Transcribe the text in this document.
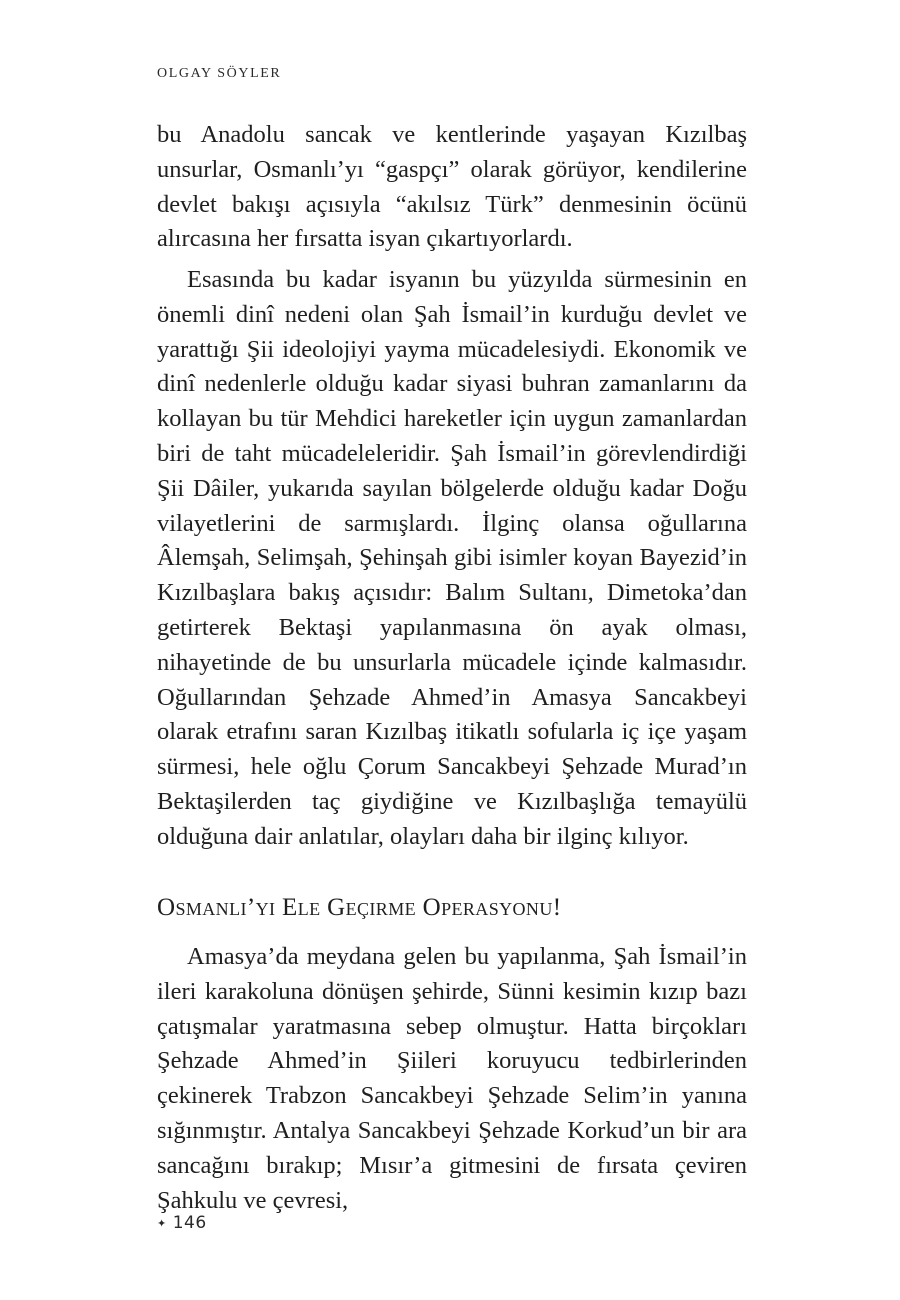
OLGAY SÖYLER

bu Anadolu sancak ve kentlerinde yaşayan Kızılbaş unsurlar, Osmanlı’yı “gaspçı” olarak görüyor, kendilerine devlet bakışı açısıyla “akılsız Türk” denmesinin öcünü alırcasına her fırsatta isyan çıkartıyorlardı.

Esasında bu kadar isyanın bu yüzyılda sürmesinin en önemli dinî nedeni olan Şah İsmail’in kurduğu devlet ve yarattığı Şii ideolojiyi yayma mücadelesiydi. Ekonomik ve dinî nedenlerle olduğu kadar siyasi buhran zamanlarını da kollayan bu tür Mehdici hareketler için uygun zamanlardan biri de taht mücadeleleridir. Şah İsmail’in görevlendirdiği Şii Dâiler, yukarıda sayılan bölgelerde olduğu kadar Doğu vilayetlerini de sarmışlardı. İlginç olansa oğullarına Âlemşah, Selimşah, Şehinşah gibi isimler koyan Bayezid’in Kızılbaşlara bakış açısıdır: Balım Sultanı, Dimetoka’dan getirterek Bektaşi yapılanmasına ön ayak olması, nihayetinde de bu unsurlarla mücadele içinde kalmasıdır. Oğullarından Şehzade Ahmed’in Amasya Sancakbeyi olarak etrafını saran Kızılbaş itikatlı sofularla iç içe yaşam sürmesi, hele oğlu Çorum Sancakbeyi Şehzade Murad’ın Bektaşilerden taç giydiğine ve Kızılbaşlığa temayülü olduğuna dair anlatılar, olayları daha bir ilginç kılıyor.

Osmanlı’yı Ele Geçirme Operasyonu!

Amasya’da meydana gelen bu yapılanma, Şah İsmail’in ileri karakoluna dönüşen şehirde, Sünni kesimin kızıp bazı çatışmalar yaratmasına sebep olmuştur. Hatta birçokları Şehzade Ahmed’in Şiileri koruyucu tedbirlerinden çekinerek Trabzon Sancakbeyi Şehzade Selim’in yanına sığınmıştır. Antalya Sancakbeyi Şehzade Korkud’un bir ara sancağını bırakıp; Mısır’a gitmesini de fırsata çeviren Şahkulu ve çevresi,

✦ 146
